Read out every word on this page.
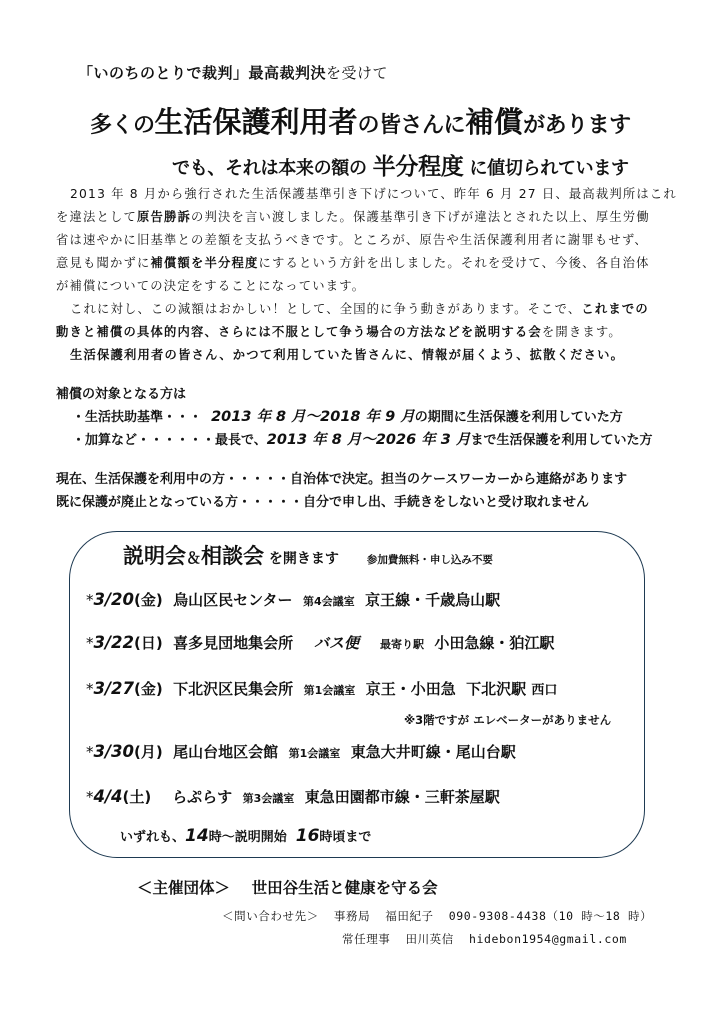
「いのちのとりで裁判」最高裁判決を受けて
多くの生活保護利用者の皆さんに補償があります
でも、それは本来の額の 半分程度 に値切られています
2013 年 8 月から強行された生活保護基準引き下げについて、昨年 6 月 27 日、最高裁判所はこれ
を違法として原告勝訴の判決を言い渡しました。保護基準引き下げが違法とされた以上、厚生労働
省は速やかに旧基準との差額を支払うべきです。ところが、原告や生活保護利用者に謝罪もせず、
意見も聞かずに補償額を半分程度にするという方針を出しました。それを受けて、今後、各自治体
が補償についての決定をすることになっています。
これに対し、この減額はおかしい！として、全国的に争う動きがあります。そこで、これまでの
動きと補償の具体的内容、さらには不服として争う場合の方法などを説明する会を開きます。
生活保護利用者の皆さん、かつて利用していた皆さんに、情報が届くよう、拡散ください。
補償の対象となる方は
・生活扶助基準・・・  2013 年 8 月～2018 年 9 月の期間に生活保護を利用していた方
・加算など・・・・・・最長で、2013 年 8 月～2026 年 3 月まで生活保護を利用していた方
現在、生活保護を利用中の方・・・・・自治体で決定。担当のケースワーカーから連絡があります
既に保護が廃止となっている方・・・・・自分で申し出、手続きをしないと受け取れません
説明会＆相談会 を開きます	参加費無料・申し込み不要
*3/20(金) 烏山区民センター 第4会議室 京王線・千歳烏山駅
*3/22(日) 喜多見団地集会所 バス便 最寄り駅 小田急線・狛江駅
*3/27(金) 下北沢区民集会所 第1会議室 京王・小田急  下北沢駅 西口
※3階ですが エレベーターがありません
*3/30(月) 尾山台地区会館 第1会議室 東急大井町線・尾山台駅
*4/4(土) らぷらす 第3会議室 東急田園都市線・三軒茶屋駅
いずれも、14時～説明開始  16時頃まで
＜主催団体＞ 世田谷生活と健康を守る会
＜問い合わせ先＞ 事務局 福田紀子 090-9308-4438（10 時～18 時）
常任理事 田川英信 hidebon1954@gmail.com
